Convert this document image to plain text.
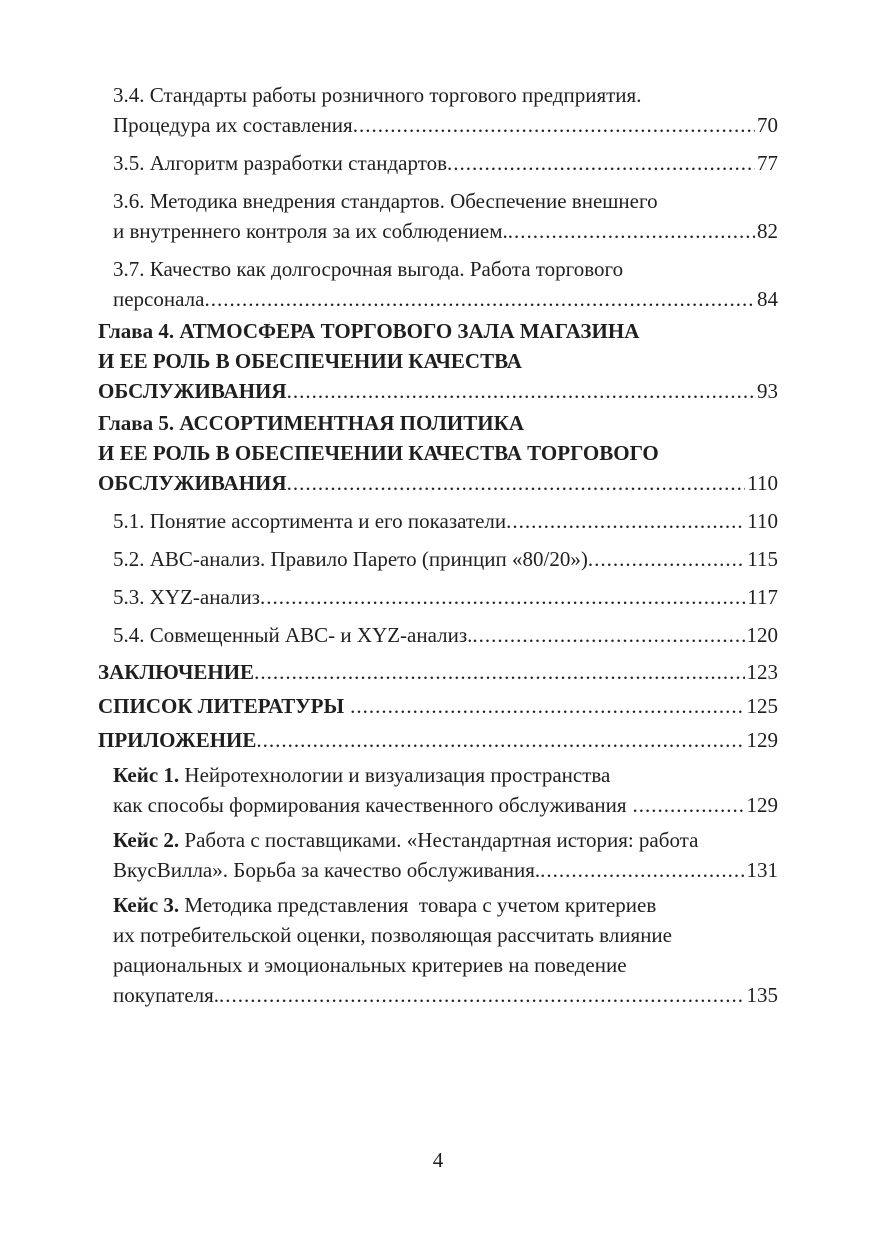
3.4. Стандарты работы розничного торгового предприятия.
Процедура их составления .....	70
3.5. Алгоритм разработки стандартов .....	77
3.6. Методика внедрения стандартов. Обеспечение внешнего
и внутреннего контроля за их соблюдением. .....	82
3.7. Качество как долгосрочная выгода. Работа торгового
персонала .....	84
Глава 4. АТМОСФЕРА ТОРГОВОГО ЗАЛА МАГАЗИНА
И ЕЕ РОЛЬ В ОБЕСПЕЧЕНИИ КАЧЕСТВА
ОБСЛУЖИВАНИЯ .....	93
Глава 5. АССОРТИМЕНТНАЯ ПОЛИТИКА
И ЕЕ РОЛЬ В ОБЕСПЕЧЕНИИ КАЧЕСТВА ТОРГОВОГО
ОБСЛУЖИВАНИЯ .....	110
5.1. Понятие ассортимента и его показатели .....	110
5.2. АВС-анализ. Правило Парето (принцип «80/20») .....	115
5.3. XYZ-анализ .....	117
5.4. Совмещенный АВС- и XYZ-анализ. .....	120
ЗАКЛЮЧЕНИЕ .....	123
СПИСОК ЛИТЕРАТУРЫ .....	125
ПРИЛОЖЕНИЕ .....	129
Кейс 1. Нейротехнологии и визуализация пространства
как способы формирования качественного обслуживания .....	129
Кейс 2. Работа с поставщиками. «Нестандартная история: работа
ВкусВилла». Борьба за качество обслуживания. .....	131
Кейс 3. Методика представления  товара с учетом критериев
их потребительской оценки, позволяющая рассчитать влияние
рациональных и эмоциональных критериев на поведение
покупателя. .....	135
4
